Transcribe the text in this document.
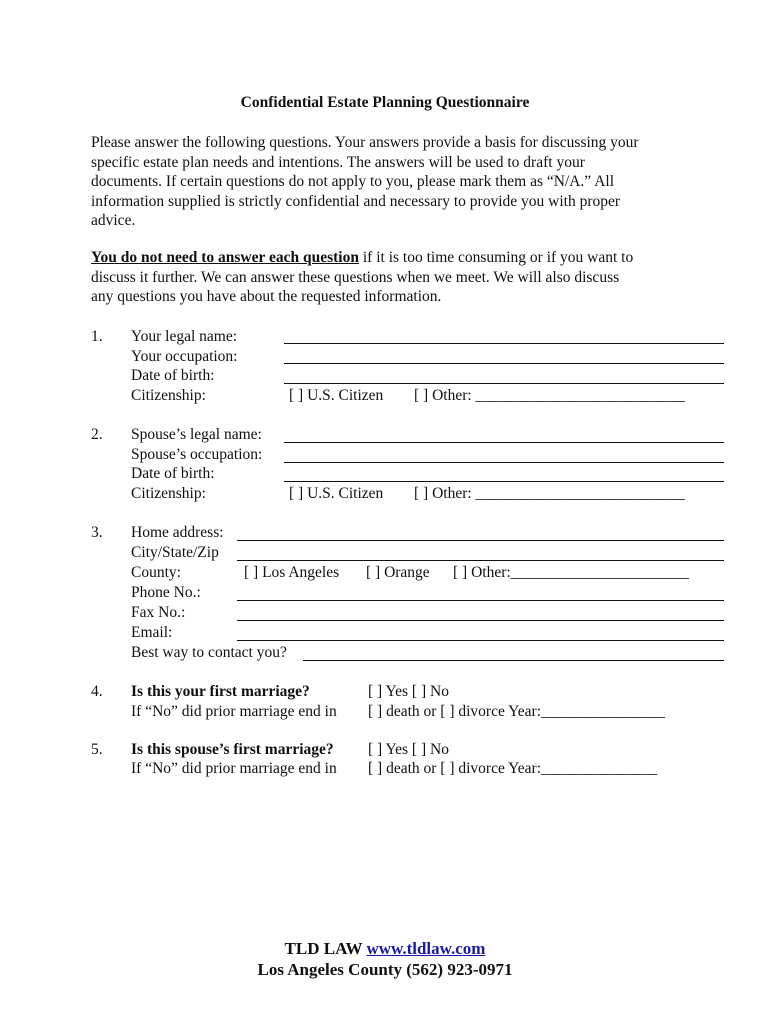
Confidential Estate Planning Questionnaire
Please answer the following questions. Your answers provide a basis for discussing your
specific estate plan needs and intentions. The answers will be used to draft your
documents. If certain questions do not apply to you, please mark them as “N/A.” All
information supplied is strictly confidential and necessary to provide you with proper
advice.
You do not need to answer each question if it is too time consuming or if you want to
discuss it further. We can answer these questions when we meet. We will also discuss
any questions you have about the requested information.
1. Your legal name:
Your occupation:
Date of birth:
Citizenship:	[ ] U.S. Citizen [ ] Other: ___________________________
2. Spouse’s legal name:
Spouse’s occupation:
Date of birth:
Citizenship:	[ ] U.S. Citizen [ ] Other: ___________________________
3. Home address:
City/State/Zip
County:
Phone No.:
Fax No.:
Email:
Best way to contact you?
[ ] Los Angeles [ ] Orange [ ] Other:_______________________
4. Is this your first marriage?
If “No” did prior marriage end in
[ ] Yes [ ] No
[ ] death or [ ] divorce Year:________________
5. Is this spouse’s first marriage?
If “No” did prior marriage end in
[ ] Yes [ ] No
[ ] death or [ ] divorce Year:_______________
TLD LAW www.tldlaw.com
Los Angeles County (562) 923-0971
